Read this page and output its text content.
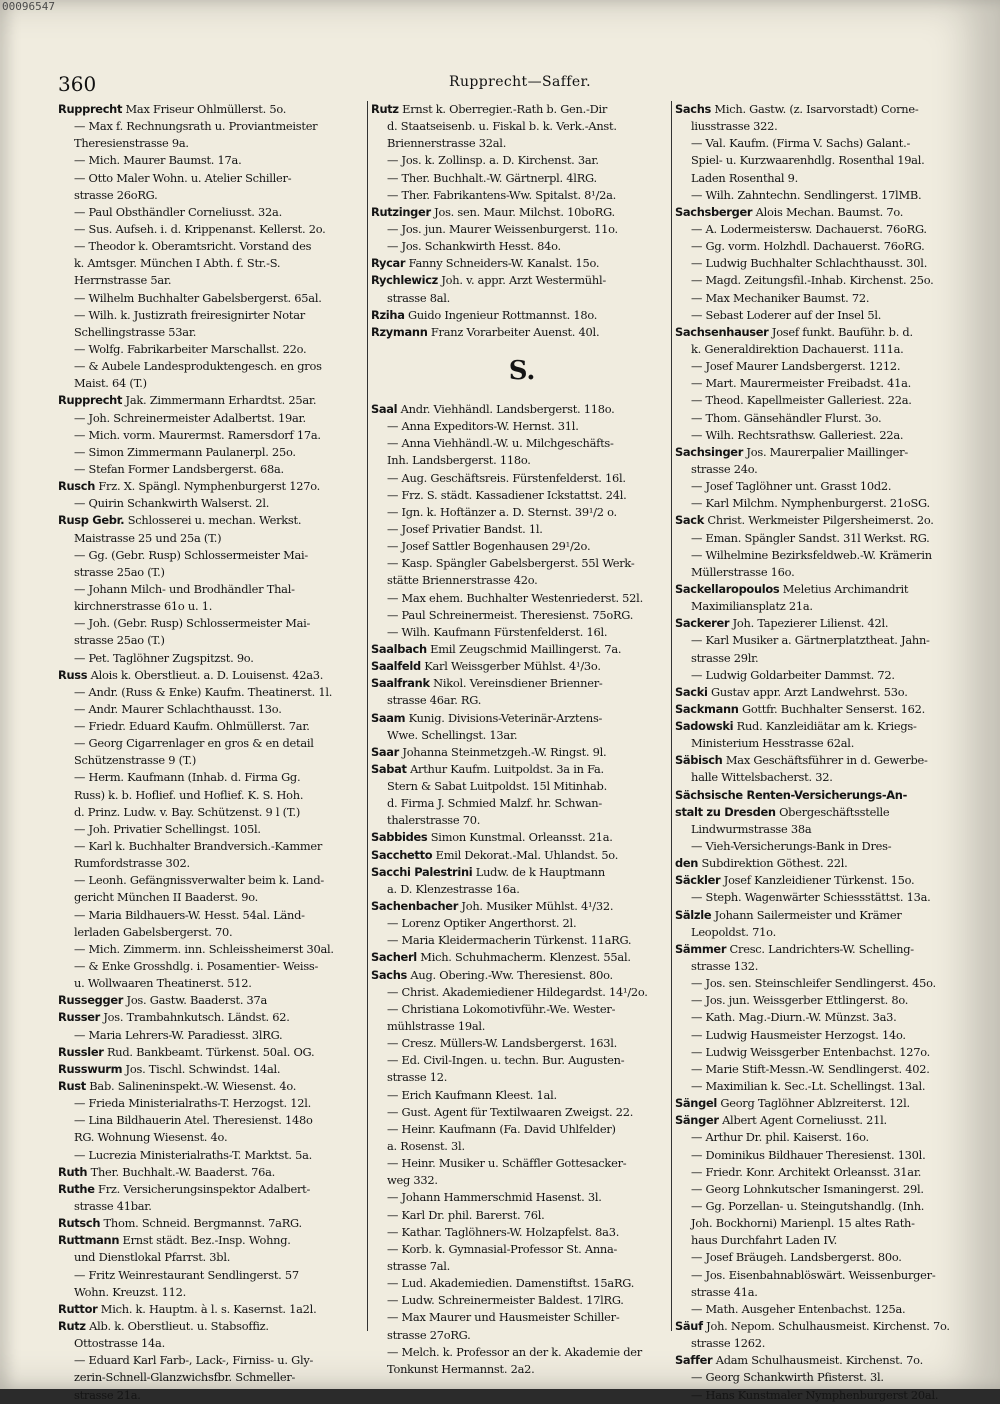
00096547
360	Rupprecht—Saffer.
Rupprecht Max Friseur Ohlmüllerst. 5o.
— Max f. Rechnungsrath u. Proviantmeister
Theresienstrasse 9a.
— Mich. Maurer Baumst. 17a.
— Otto Maler Wohn. u. Atelier Schiller-
strasse 26oRG.
— Paul Obsthändler Corneliusst. 32a.
— Sus. Aufseh. i. d. Krippenanst. Kellerst. 2o.
— Theodor k. Oberamtsricht. Vorstand des
k. Amtsger. München I Abth. f. Str.-S.
Herrnstrasse 5ar.
— Wilhelm Buchhalter Gabelsbergerst. 65al.
— Wilh. k. Justizrath freiresignirter Notar
Schellingstrasse 53ar.
— Wolfg. Fabrikarbeiter Marschallst. 22o.
— & Aubele Landesproduktengesch. en gros
Maist. 64 (T.)
Rupprecht Jak. Zimmermann Erhardtst. 25ar.
— Joh. Schreinermeister Adalbertst. 19ar.
— Mich. vorm. Maurermst. Ramersdorf 17a.
— Simon Zimmermann Paulanerpl. 25o.
— Stefan Former Landsbergerst. 68a.
Rusch Frz. X. Spängl. Nymphenburgerst 127o.
— Quirin Schankwirth Walserst. 2l.
Rusp Gebr. Schlosserei u. mechan. Werkst.
Maistrasse 25 und 25a (T.)
— Gg. (Gebr. Rusp) Schlossermeister Mai-
strasse 25ao (T.)
— Johann Milch- und Brodhändler Thal-
kirchnerstrasse 61o u. 1.
— Joh. (Gebr. Rusp) Schlossermeister Mai-
strasse 25ao (T.)
— Pet. Taglöhner Zugspitzst. 9o.
Russ Alois k. Oberstlieut. a. D. Louisenst. 42a3.
— Andr. (Russ & Enke) Kaufm. Theatinerst. 1l.
— Andr. Maurer Schlachthausst. 13o.
— Friedr. Eduard Kaufm. Ohlmüllerst. 7ar.
— Georg Cigarrenlager en gros & en detail
Schützenstrasse 9 (T.)
— Herm. Kaufmann (Inhab. d. Firma Gg.
Russ) k. b. Hoflief. und Hoflief. K. S. Hoh.
d. Prinz. Ludw. v. Bay. Schützenst. 9 l (T.)
— Joh. Privatier Schellingst. 105l.
— Karl k. Buchhalter Brandversich.-Kammer
Rumfordstrasse 302.
— Leonh. Gefängnissverwalter beim k. Land-
gericht München II Baaderst. 9o.
— Maria Bildhauers-W. Hesst. 54al. Länd-
lerladen Gabelsbergerst. 70.
— Mich. Zimmerm. inn. Schleissheimerst 30al.
— & Enke Grosshdlg. i. Posamentier- Weiss-
u. Wollwaaren Theatinerst. 512.
Russegger Jos. Gastw. Baaderst. 37a
Russer Jos. Trambahnkutsch. Ländst. 62.
— Maria Lehrers-W. Paradiesst. 3lRG.
Russler Rud. Bankbeamt. Türkenst. 50al. OG.
Russwurm Jos. Tischl. Schwindst. 14al.
Rust Bab. Salineninspekt.-W. Wiesenst. 4o.
— Frieda Ministerialraths-T. Herzogst. 12l.
— Lina Bildhauerin Atel. Theresienst. 148o
RG. Wohnung Wiesenst. 4o.
— Lucrezia Ministerialraths-T. Marktst. 5a.
Ruth Ther. Buchhalt.-W. Baaderst. 76a.
Ruthe Frz. Versicherungsinspektor Adalbert-
strasse 41bar.
Rutsch Thom. Schneid. Bergmannst. 7aRG.
Ruttmann Ernst städt. Bez.-Insp. Wohng.
und Dienstlokal Pfarrst. 3bl.
— Fritz Weinrestaurant Sendlingerst. 57
Wohn. Kreuzst. 112.
Ruttor Mich. k. Hauptm. à l. s. Kasernst. 1a2l.
Rutz Alb. k. Oberstlieut. u. Stabsoffiz.
Ottostrasse 14a.
— Eduard Karl Farb-, Lack-, Firniss- u. Gly-
zerin-Schnell-Glanzwichsfbr. Schmeller-
strasse 21a.
Rutz Ernst k. Oberregier.-Rath b. Gen.-Dir
d. Staatseisenb. u. Fiskal b. k. Verk.-Anst.
Briennerstrasse 32al.
— Jos. k. Zollinsp. a. D. Kirchenst. 3ar.
— Ther. Buchhalt.-W. Gärtnerpl. 4lRG.
— Ther. Fabrikantens-Ww. Spitalst. 8¹/2a.
Rutzinger Jos. sen. Maur. Milchst. 10boRG.
— Jos. jun. Maurer Weissenburgerst. 11o.
— Jos. Schankwirth Hesst. 84o.
Rycar Fanny Schneiders-W. Kanalst. 15o.
Rychlewicz Joh. v. appr. Arzt Westermühl-
strasse 8al.
Rziha Guido Ingenieur Rottmannst. 18o.
Rzymann Franz Vorarbeiter Auenst. 40l.
S.
Saal Andr. Viehhändl. Landsbergerst. 118o.
— Anna Expeditors-W. Hernst. 31l.
— Anna Viehhändl.-W. u. Milchgeschäfts-
Inh. Landsbergerst. 118o.
— Aug. Geschäftsreis. Fürstenfelderst. 16l.
— Frz. S. städt. Kassadiener Ickstattst. 24l.
— Ign. k. Hoftänzer a. D. Sternst. 39¹/2 o.
— Josef Privatier Bandst. 1l.
— Josef Sattler Bogenhausen 29¹/2o.
— Kasp. Spängler Gabelsbergerst. 55l Werk-
stätte Briennerstrasse 42o.
— Max ehem. Buchhalter Westenriederst. 52l.
— Paul Schreinermeist. Theresienst. 75oRG.
— Wilh. Kaufmann Fürstenfelderst. 16l.
Saalbach Emil Zeugschmid Maillingerst. 7a.
Saalfeld Karl Weissgerber Mühlst. 4¹/3o.
Saalfrank Nikol. Vereinsdiener Brienner-
strasse 46ar. RG.
Saam Kunig. Divisions-Veterinär-Arztens-
Wwe. Schellingst. 13ar.
Saar Johanna Steinmetzgeh.-W. Ringst. 9l.
Sabat Arthur Kaufm. Luitpoldst. 3a in Fa.
Stern & Sabat Luitpoldst. 15l Mitinhab.
d. Firma J. Schmied Malzf. hr. Schwan-
thalerstrasse 70.
Sabbides Simon Kunstmal. Orleansst. 21a.
Sacchetto Emil Dekorat.-Mal. Uhlandst. 5o.
Sacchi Palestrini Ludw. de k Hauptmann
a. D. Klenzestrasse 16a.
Sachenbacher Joh. Musiker Mühlst. 4¹/32.
— Lorenz Optiker Angerthorst. 2l.
— Maria Kleidermacherin Türkenst. 11aRG.
Sacherl Mich. Schuhmacherm. Klenzest. 55al.
Sachs Aug. Obering.-Ww. Theresienst. 80o.
— Christ. Akademiediener Hildegardst. 14¹/2o.
— Christiana Lokomotivführ.-We. Wester-
mühlstrasse 19al.
— Cresz. Müllers-W. Landsbergerst. 163l.
— Ed. Civil-Ingen. u. techn. Bur. Augusten-
strasse 12.
— Erich Kaufmann Kleest. 1al.
— Gust. Agent für Textilwaaren Zweigst. 22.
— Heinr. Kaufmann (Fa. David Uhlfelder)
a. Rosenst. 3l.
— Heinr. Musiker u. Schäffler Gottesacker-
weg 332.
— Johann Hammerschmid Hasenst. 3l.
— Karl Dr. phil. Barerst. 76l.
— Kathar. Taglöhners-W. Holzapfelst. 8a3.
— Korb. k. Gymnasial-Professor St. Anna-
strasse 7al.
— Lud. Akademiedien. Damenstiftst. 15aRG.
— Ludw. Schreinermeister Baldest. 17lRG.
— Max Maurer und Hausmeister Schiller-
strasse 27oRG.
— Melch. k. Professor an der k. Akademie der
Tonkunst Hermannst. 2a2.
Sachs Mich. Gastw. (z. Isarvorstadt) Corne-
liusstrasse 322.
— Val. Kaufm. (Firma V. Sachs) Galant.-
Spiel- u. Kurzwaarenhdlg. Rosenthal 19al.
Laden Rosenthal 9.
— Wilh. Zahntechn. Sendlingerst. 17lMB.
Sachsberger Alois Mechan. Baumst. 7o.
— A. Lodermeistersw. Dachauerst. 76oRG.
— Gg. vorm. Holzhdl. Dachauerst. 76oRG.
— Ludwig Buchhalter Schlachthausst. 30l.
— Magd. Zeitungsfil.-Inhab. Kirchenst. 25o.
— Max Mechaniker Baumst. 72.
— Sebast Loderer auf der Insel 5l.
Sachsenhauser Josef funkt. Bauführ. b. d.
k. Generaldirektion Dachauerst. 111a.
— Josef Maurer Landsbergerst. 1212.
— Mart. Maurermeister Freibadst. 41a.
— Theod. Kapellmeister Galleriest. 22a.
— Thom. Gänsehändler Flurst. 3o.
— Wilh. Rechtsrathsw. Galleriest. 22a.
Sachsinger Jos. Maurerpalier Maillinger-
strasse 24o.
— Josef Taglöhner unt. Grasst 10d2.
— Karl Milchm. Nymphenburgerst. 21oSG.
Sack Christ. Werkmeister Pilgersheimerst. 2o.
— Eman. Spängler Sandst. 31l Werkst. RG.
— Wilhelmine Bezirksfeldweb.-W. Krämerin
Müllerstrasse 16o.
Sackellaropoulos Meletius Archimandrit
Maximiliansplatz 21a.
Sackerer Joh. Tapezierer Lilienst. 42l.
— Karl Musiker a. Gärtnerplatztheat. Jahn-
strasse 29lr.
— Ludwig Goldarbeiter Dammst. 72.
Sacki Gustav appr. Arzt Landwehrst. 53o.
Sackmann Gottfr. Buchhalter Senserst. 162.
Sadowski Rud. Kanzleidiätar am k. Kriegs-
Ministerium Hesstrasse 62al.
Säbisch Max Geschäftsführer in d. Gewerbe-
halle Wittelsbacherst. 32.
Sächsische Renten-Versicherungs-An-
stalt zu Dresden Obergeschäftsstelle
Lindwurmstrasse 38a
— Vieh-Versicherungs-Bank in Dres-
den Subdirektion Göthest. 22l.
Säckler Josef Kanzleidiener Türkenst. 15o.
— Steph. Wagenwärter Schiessstättst. 13a.
Sälzle Johann Sailermeister und Krämer
Leopoldst. 71o.
Sämmer Cresc. Landrichters-W. Schelling-
strasse 132.
— Jos. sen. Steinschleifer Sendlingerst. 45o.
— Jos. jun. Weissgerber Ettlingerst. 8o.
— Kath. Mag.-Diurn.-W. Münzst. 3a3.
— Ludwig Hausmeister Herzogst. 14o.
— Ludwig Weissgerber Entenbachst. 127o.
— Marie Stift-Messn.-W. Sendlingerst. 402.
— Maximilian k. Sec.-Lt. Schellingst. 13al.
Sängel Georg Taglöhner Ablzreiterst. 12l.
Sänger Albert Agent Corneliusst. 21l.
— Arthur Dr. phil. Kaiserst. 16o.
— Dominikus Bildhauer Theresienst. 130l.
— Friedr. Konr. Architekt Orleansst. 31ar.
— Georg Lohnkutscher Ismaningerst. 29l.
— Gg. Porzellan- u. Steingutshandlg. (Inh.
Joh. Bockhorni) Marienpl. 15 altes Rath-
haus Durchfahrt Laden IV.
— Josef Bräugeh. Landsbergerst. 80o.
— Jos. Eisenbahnablöswärt. Weissenburger-
strasse 41a.
— Math. Ausgeher Entenbachst. 125a.
Säuf Joh. Nepom. Schulhausmeist. Kirchenst. 7o.
strasse 1262.
Saffer Adam Schulhausmeist. Kirchenst. 7o.
— Georg Schankwirth Pfisterst. 3l.
— Hans Kunstmaler Nymphenburgerst 20al.
